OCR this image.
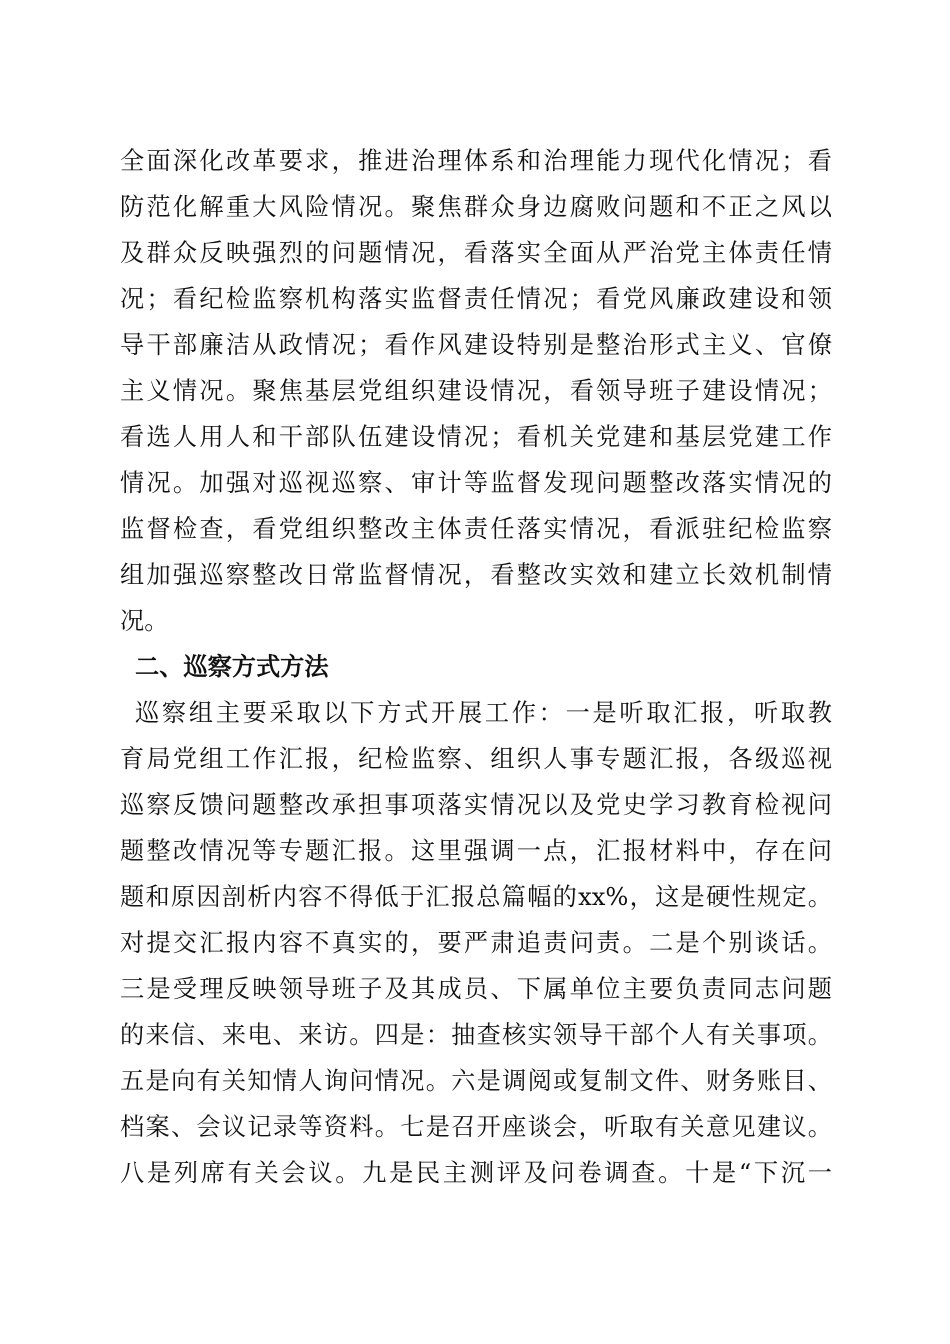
全面深化改革要求，推进治理体系和治理能力现代化情况；看
防范化解重大风险情况。聚焦群众身边腐败问题和不正之风以
及群众反映强烈的问题情况，看落实全面从严治党主体责任情
况；看纪检监察机构落实监督责任情况；看党风廉政建设和领
导干部廉洁从政情况；看作风建设特别是整治形式主义、官僚
主义情况。聚焦基层党组织建设情况，看领导班子建设情况；
看选人用人和干部队伍建设情况；看机关党建和基层党建工作
情况。加强对巡视巡察、审计等监督发现问题整改落实情况的
监督检查，看党组织整改主体责任落实情况，看派驻纪检监察
组加强巡察整改日常监督情况，看整改实效和建立长效机制情
况。
二、巡察方式方法
巡察组主要采取以下方式开展工作：一是听取汇报，听取教
育局党组工作汇报，纪检监察、组织人事专题汇报，各级巡视
巡察反馈问题整改承担事项落实情况以及党史学习教育检视问
题整改情况等专题汇报。这里强调一点，汇报材料中，存在问
题和原因剖析内容不得低于汇报总篇幅的xx%，这是硬性规定。
对提交汇报内容不真实的，要严肃追责问责。二是个别谈话。
三是受理反映领导班子及其成员、下属单位主要负责同志问题
的来信、来电、来访。四是：抽查核实领导干部个人有关事项。
五是向有关知情人询问情况。六是调阅或复制文件、财务账目、
档案、会议记录等资料。七是召开座谈会，听取有关意见建议。
八是列席有关会议。九是民主测评及问卷调查。十是“下沉一
